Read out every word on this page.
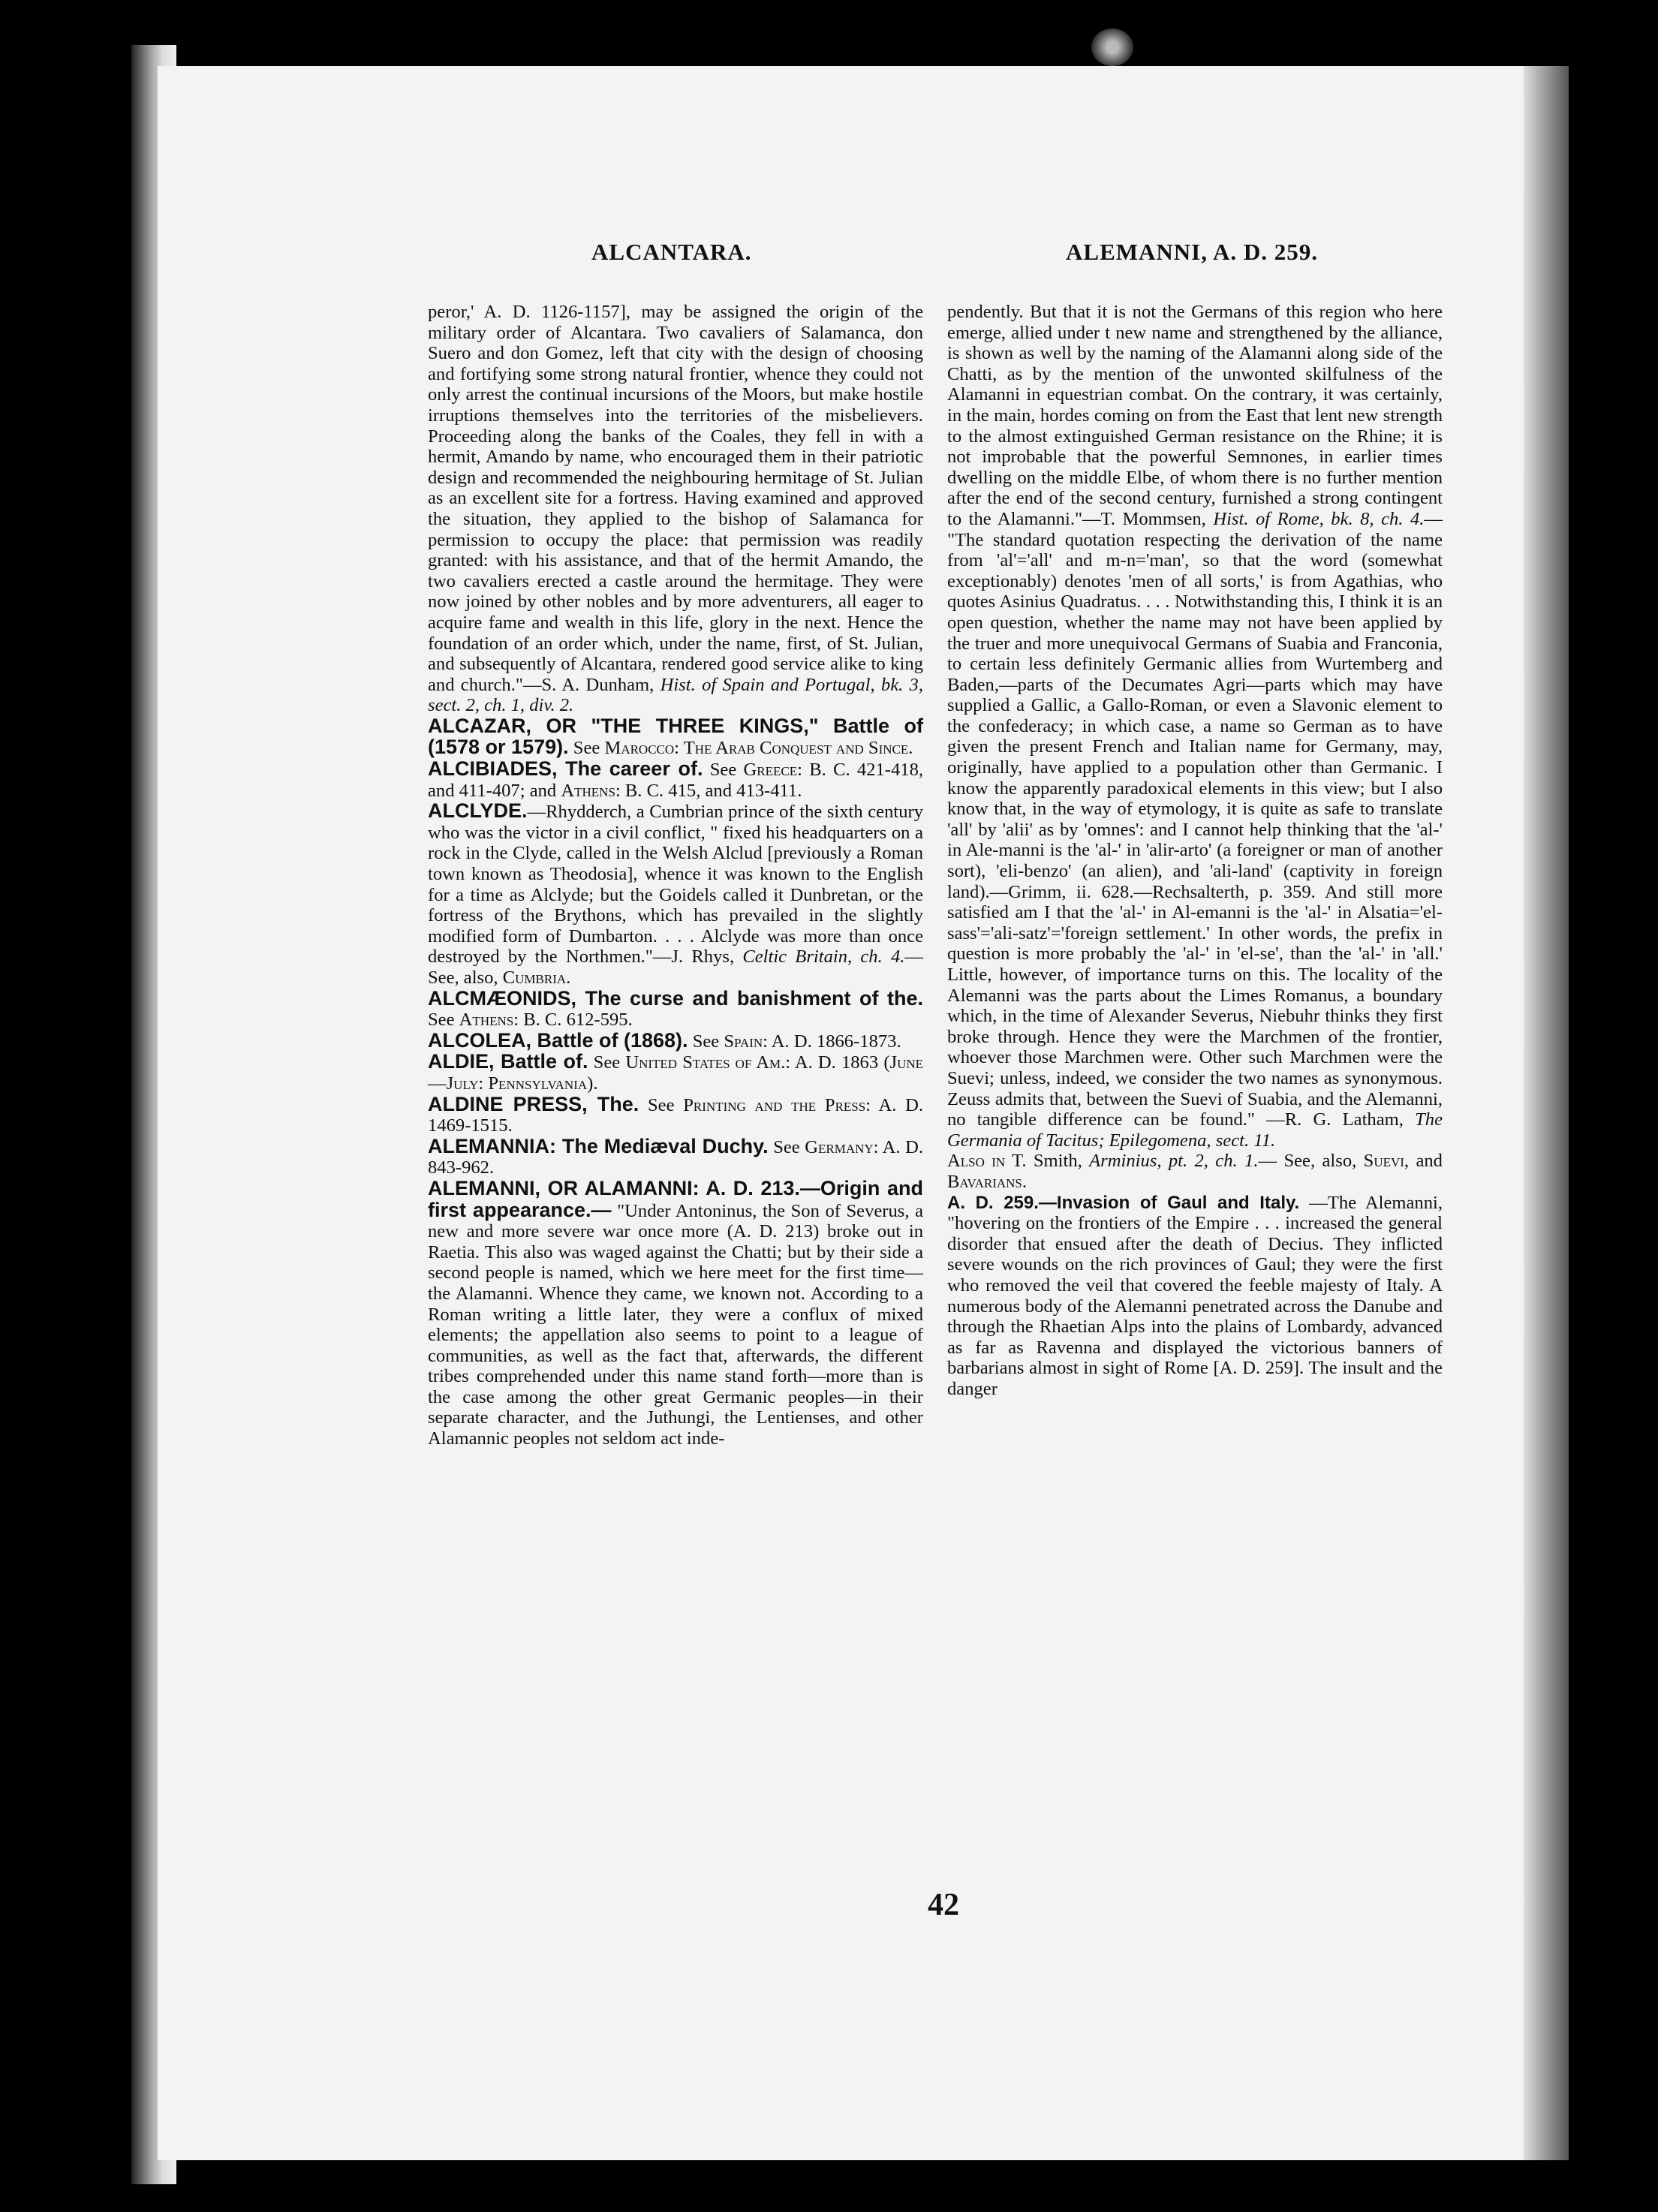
ALCANTARA.	ALEMANNI, A. D. 259.

peror,' A. D. 1126-1157], may be assigned the origin of the military order of Alcantara. Two cavaliers of Salamanca, don Suero and don Gomez, left that city with the design of choosing and fortifying some strong natural frontier, whence they could not only arrest the continual incursions of the Moors, but make hostile irruptions themselves into the territories of the misbelievers. Proceeding along the banks of the Coales, they fell in with a hermit, Amando by name, who encouraged them in their patriotic design and recommended the neighbouring hermitage of St. Julian as an excellent site for a fortress. Having examined and approved the situation, they applied to the bishop of Salamanca for permission to occupy the place: that permission was readily granted: with his assistance, and that of the hermit Amando, the two cavaliers erected a castle around the hermitage. They were now joined by other nobles and by more adventurers, all eager to acquire fame and wealth in this life, glory in the next. Hence the foundation of an order which, under the name, first, of St. Julian, and subsequently of Alcantara, rendered good service alike to king and church."—S. A. Dunham, Hist. of Spain and Portugal, bk. 3, sect. 2, ch. 1, div. 2.

ALCAZAR, OR "THE THREE KINGS," Battle of (1578 or 1579). See Marocco: The Arab Conquest and Since.

ALCIBIADES, The career of. See Greece: B. C. 421-418, and 411-407; and Athens: B. C. 415, and 413-411.

ALCLYDE.—Rhydderch, a Cumbrian prince of the sixth century who was the victor in a civil conflict, " fixed his headquarters on a rock in the Clyde, called in the Welsh Alclud [previously a Roman town known as Theodosia], whence it was known to the English for a time as Alclyde; but the Goidels called it Dunbretan, or the fortress of the Brythons, which has prevailed in the slightly modified form of Dumbarton. . . . Alclyde was more than once destroyed by the Northmen."—J. Rhys, Celtic Britain, ch. 4.—See, also, Cumbria.

ALCMÆONIDS, The curse and banishment of the. See Athens: B. C. 612-595.

ALCOLEA, Battle of (1868). See Spain: A. D. 1866-1873.

ALDIE, Battle of. See United States of Am.: A. D. 1863 (June—July: Pennsylvania).

ALDINE PRESS, The. See Printing and the Press: A. D. 1469-1515.

ALEMANNIA: The Mediæval Duchy. See Germany: A. D. 843-962.

ALEMANNI, OR ALAMANNI: A. D. 213.—Origin and first appearance.— "Under Antoninus, the Son of Severus, a new and more severe war once more (A. D. 213) broke out in Raetia. This also was waged against the Chatti; but by their side a second people is named, which we here meet for the first time—the Alamanni. Whence they came, we known not. According to a Roman writing a little later, they were a conflux of mixed elements; the appellation also seems to point to a league of communities, as well as the fact that, afterwards, the different tribes comprehended under this name stand forth—more than is the case among the other great Germanic peoples—in their separate character, and the Juthungi, the Lentienses, and other Alamannic peoples not seldom act inde-

pendently. But that it is not the Germans of this region who here emerge, allied under t new name and strengthened by the alliance, is shown as well by the naming of the Alamanni along side of the Chatti, as by the mention of the unwonted skilfulness of the Alamanni in equestrian combat. On the contrary, it was certainly, in the main, hordes coming on from the East that lent new strength to the almost extinguished German resistance on the Rhine; it is not improbable that the powerful Semnones, in earlier times dwelling on the middle Elbe, of whom there is no further mention after the end of the second century, furnished a strong contingent to the Alamanni."—T. Mommsen, Hist. of Rome, bk. 8, ch. 4.— "The standard quotation respecting the derivation of the name from 'al'='all' and m-n='man', so that the word (somewhat exceptionably) denotes 'men of all sorts,' is from Agathias, who quotes Asinius Quadratus. . . . Notwithstanding this, I think it is an open question, whether the name may not have been applied by the truer and more unequivocal Germans of Suabia and Franconia, to certain less definitely Germanic allies from Wurtemberg and Baden,—parts of the Decumates Agri—parts which may have supplied a Gallic, a Gallo-Roman, or even a Slavonic element to the confederacy; in which case, a name so German as to have given the present French and Italian name for Germany, may, originally, have applied to a population other than Germanic. I know the apparently paradoxical elements in this view; but I also know that, in the way of etymology, it is quite as safe to translate 'all' by 'alii' as by 'omnes': and I cannot help thinking that the 'al-' in Ale-manni is the 'al-' in 'alir-arto' (a foreigner or man of another sort), 'eli-benzo' (an alien), and 'ali-land' (captivity in foreign land).—Grimm, ii. 628.—Rechsalterth, p. 359. And still more satisfied am I that the 'al-' in Al-emanni is the 'al-' in Alsatia='el-sass'='ali-satz'='foreign settlement.' In other words, the prefix in question is more probably the 'al-' in 'el-se', than the 'al-' in 'all.' Little, however, of importance turns on this. The locality of the Alemanni was the parts about the Limes Romanus, a boundary which, in the time of Alexander Severus, Niebuhr thinks they first broke through. Hence they were the Marchmen of the frontier, whoever those Marchmen were. Other such Marchmen were the Suevi; unless, indeed, we consider the two names as synonymous. Zeuss admits that, between the Suevi of Suabia, and the Alemanni, no tangible difference can be found." —R. G. Latham, The Germania of Tacitus; Epilegomena, sect. 11.

Also in T. Smith, Arminius, pt. 2, ch. 1.— See, also, Suevi, and Bavarians.

A. D. 259.—Invasion of Gaul and Italy. —The Alemanni, "hovering on the frontiers of the Empire . . . increased the general disorder that ensued after the death of Decius. They inflicted severe wounds on the rich provinces of Gaul; they were the first who removed the veil that covered the feeble majesty of Italy. A numerous body of the Alemanni penetrated across the Danube and through the Rhaetian Alps into the plains of Lombardy, advanced as far as Ravenna and displayed the victorious banners of barbarians almost in sight of Rome [A. D. 259]. The insult and the danger

42
